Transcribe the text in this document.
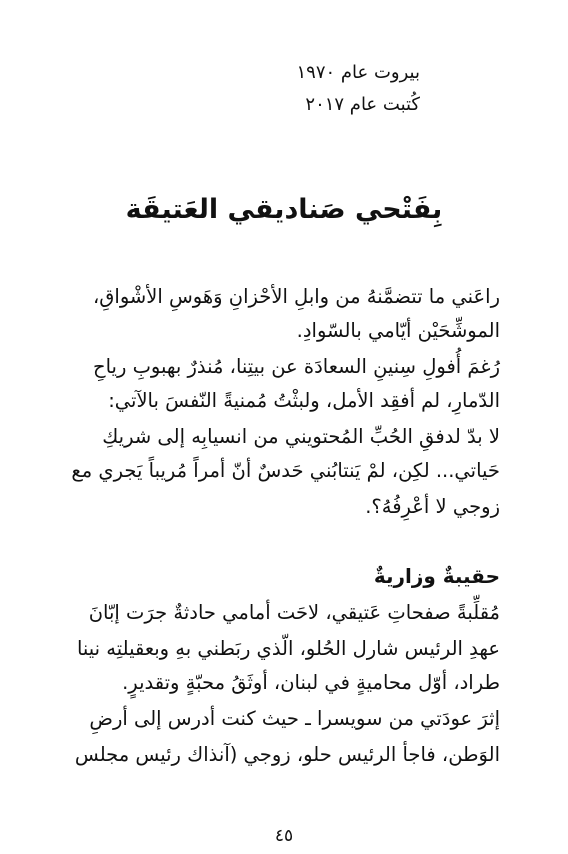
بيروت عام ١٩٧٠
كُتبت عام ٢٠١٧
بِفَتْحي صَناديقي العَتيقَة
راعَني ما تتضمَّنهُ من وابلِ الأحْزانِ وَهَوسِ الأشْواقِ،
الموشِّحَيْن أيّامي بالسّوادِ.
رُغمَ أُفولِ سِنينِ السعادَة عن بيتِنا، مُنذرٌ بهبوبِ رياحِ
الدّمارِ، لم أفقِد الأمل، ولبثْتُ مُمنيةً النّفسَ بالآتي:
لا بدّ لدفقِ الحُبِّ المُحتويني من انسيابِه إلى شريكِ
حَياتي... لكِن، لمْ يَنتابُني حَدسٌ أنّ أمراً مُريباً يَجري مع
زوجي لا أعْرِفُهُ؟.
حقيبةٌ وزاريةٌ
مُقلِّبةً صفحاتِ عَتيقي، لاحَت أمامي حادثةٌ جرَت إبّانَ
عهدِ الرئيس شارل الحُلو، الّذي ربَطني بهِ وبعقيلتِه نينا
طراد، أوّل محاميةٍ في لبنان، أوثَقُ محبّةٍ وتقديرٍ.
إثرَ عودَتي من سويسرا ـ حيث كنت أدرس إلى أرضِ
الوَطن، فاجأ الرئيس حلو، زوجي (آنذاك رئيس مجلس
٤٥
